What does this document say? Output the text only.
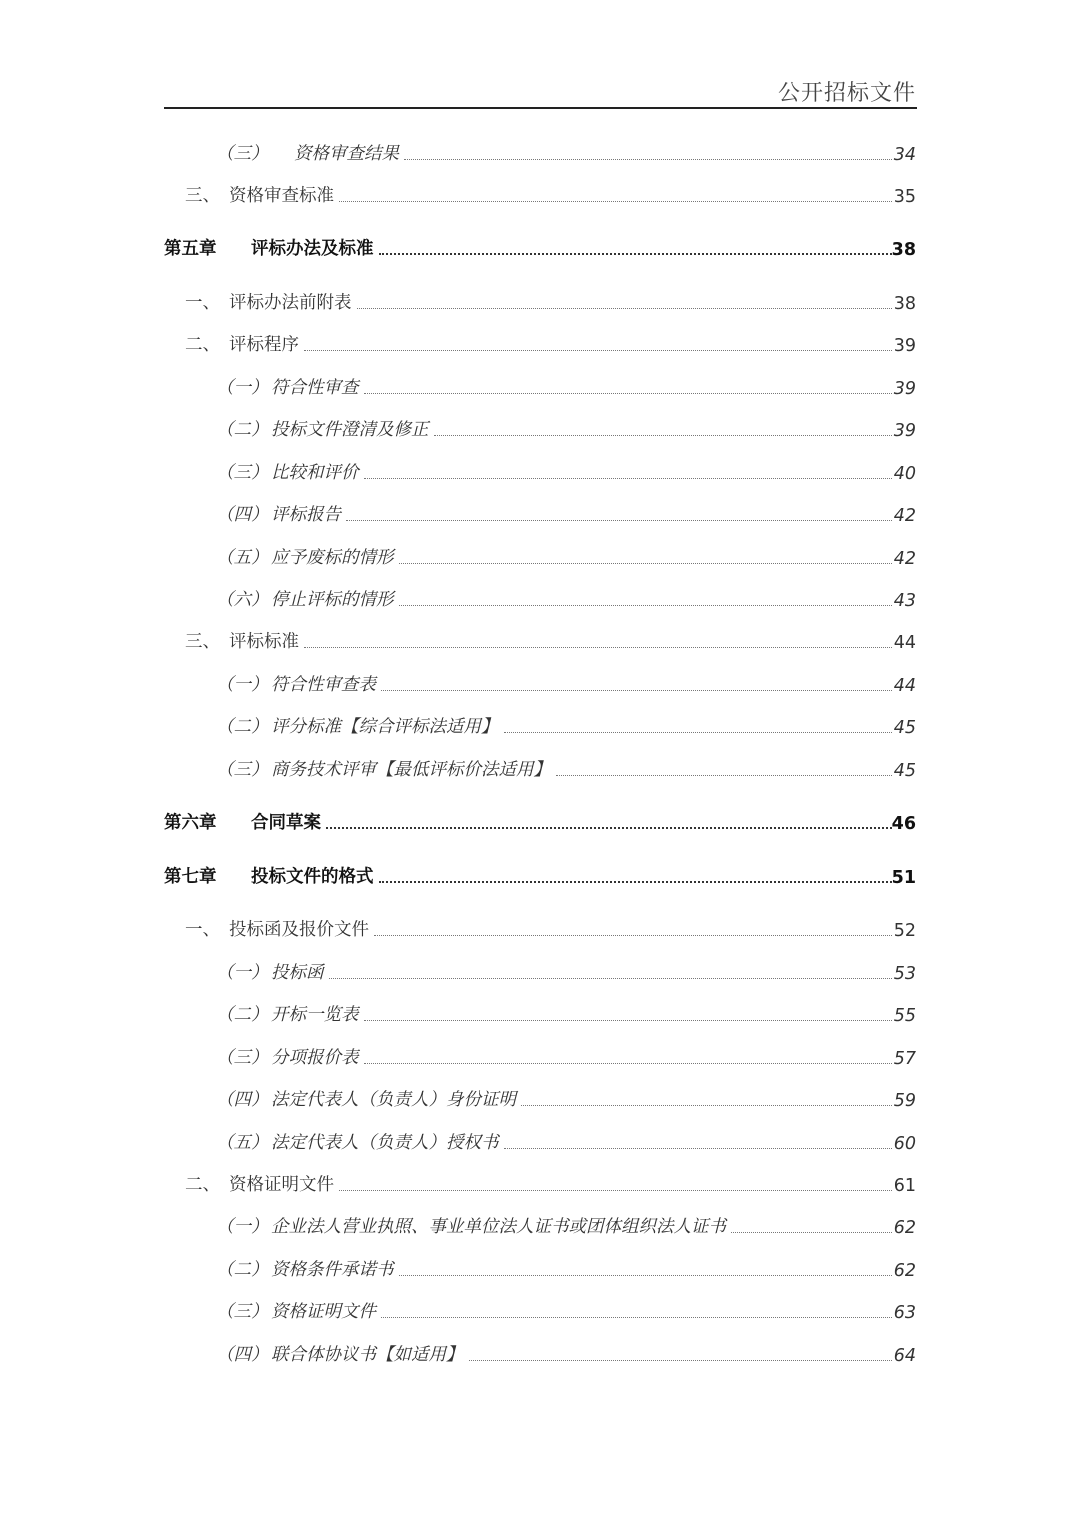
公开招标文件
（三） 资格审查结果	34
三、 资格审查标准	35
第五章 评标办法及标准	38
一、 评标办法前附表	38
二、 评标程序	39
（一） 符合性审查	39
（二） 投标文件澄清及修正	39
（三） 比较和评价	40
（四） 评标报告	42
（五） 应予废标的情形	42
（六） 停止评标的情形	43
三、 评标标准	44
（一） 符合性审查表	44
（二） 评分标准【综合评标法适用】	45
（三） 商务技术评审【最低评标价法适用】	45
第六章 合同草案	46
第七章 投标文件的格式	51
一、 投标函及报价文件	52
（一） 投标函	53
（二） 开标一览表	55
（三） 分项报价表	57
（四） 法定代表人（负责人）身份证明	59
（五） 法定代表人（负责人）授权书	60
二、 资格证明文件	61
（一） 企业法人营业执照、事业单位法人证书或团体组织法人证书	62
（二） 资格条件承诺书	62
（三） 资格证明文件	63
（四） 联合体协议书【如适用】	64
